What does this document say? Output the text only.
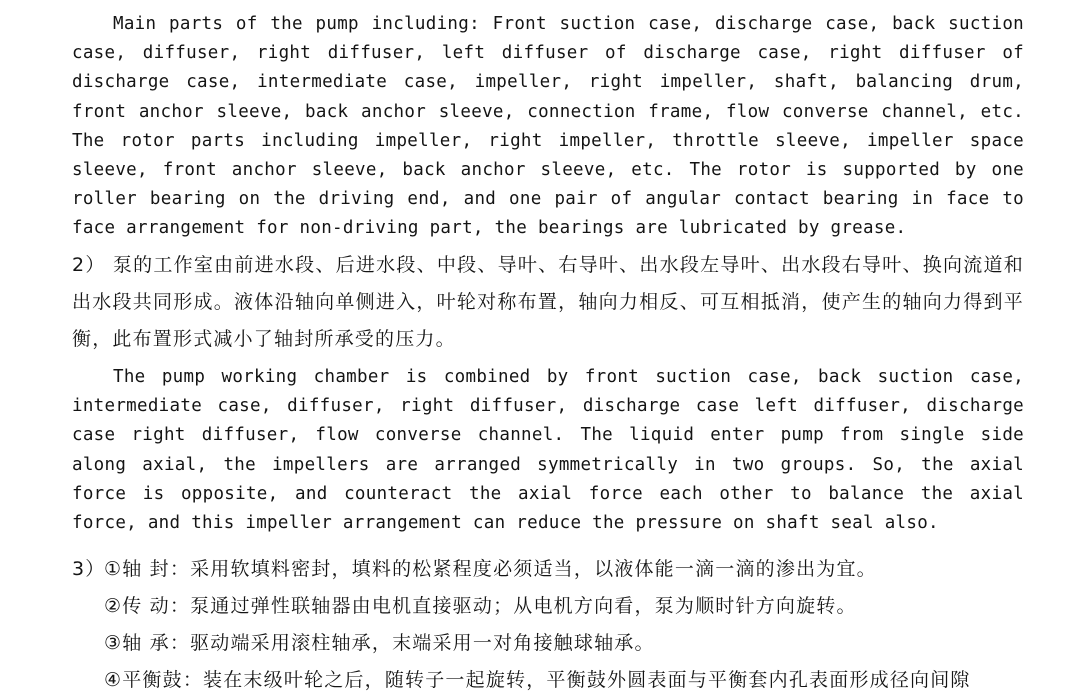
Main parts of the pump including: Front suction case, discharge case, back suction case, diffuser, right diffuser, left diffuser of discharge case, right diffuser of discharge case, intermediate case, impeller, right impeller, shaft, balancing drum, front anchor sleeve, back anchor sleeve, connection frame, flow converse channel, etc. The rotor parts including impeller, right impeller, throttle sleeve, impeller space sleeve, front anchor sleeve, back anchor sleeve, etc. The rotor is supported by one roller bearing on the driving end, and one pair of angular contact bearing in face to face arrangement for non-driving part, the bearings are lubricated by grease.

2） 泵的工作室由前进水段、后进水段、中段、导叶、右导叶、出水段左导叶、出水段右导叶、换向流道和出水段共同形成。液体沿轴向单侧进入，叶轮对称布置，轴向力相反、可互相抵消，使产生的轴向力得到平衡，此布置形式减小了轴封所承受的压力。

The pump working chamber is combined by front suction case, back suction case, intermediate case, diffuser, right diffuser, discharge case left diffuser, discharge case right diffuser, flow converse channel. The liquid enter pump from single side along axial, the impellers are arranged symmetrically in two groups. So, the axial force is opposite, and counteract the axial force each other to balance the axial force, and this impeller arrangement can reduce the pressure on shaft seal also.

3）①轴 封：采用软填料密封，填料的松紧程度必须适当，以液体能一滴一滴的渗出为宜。
②传 动：泵通过弹性联轴器由电机直接驱动；从电机方向看，泵为顺时针方向旋转。
③轴 承：驱动端采用滚柱轴承，末端采用一对角接触球轴承。
④平衡鼓：装在末级叶轮之后，随转子一起旋转，平衡鼓外圆表面与平衡套内孔表面形成径向间隙
